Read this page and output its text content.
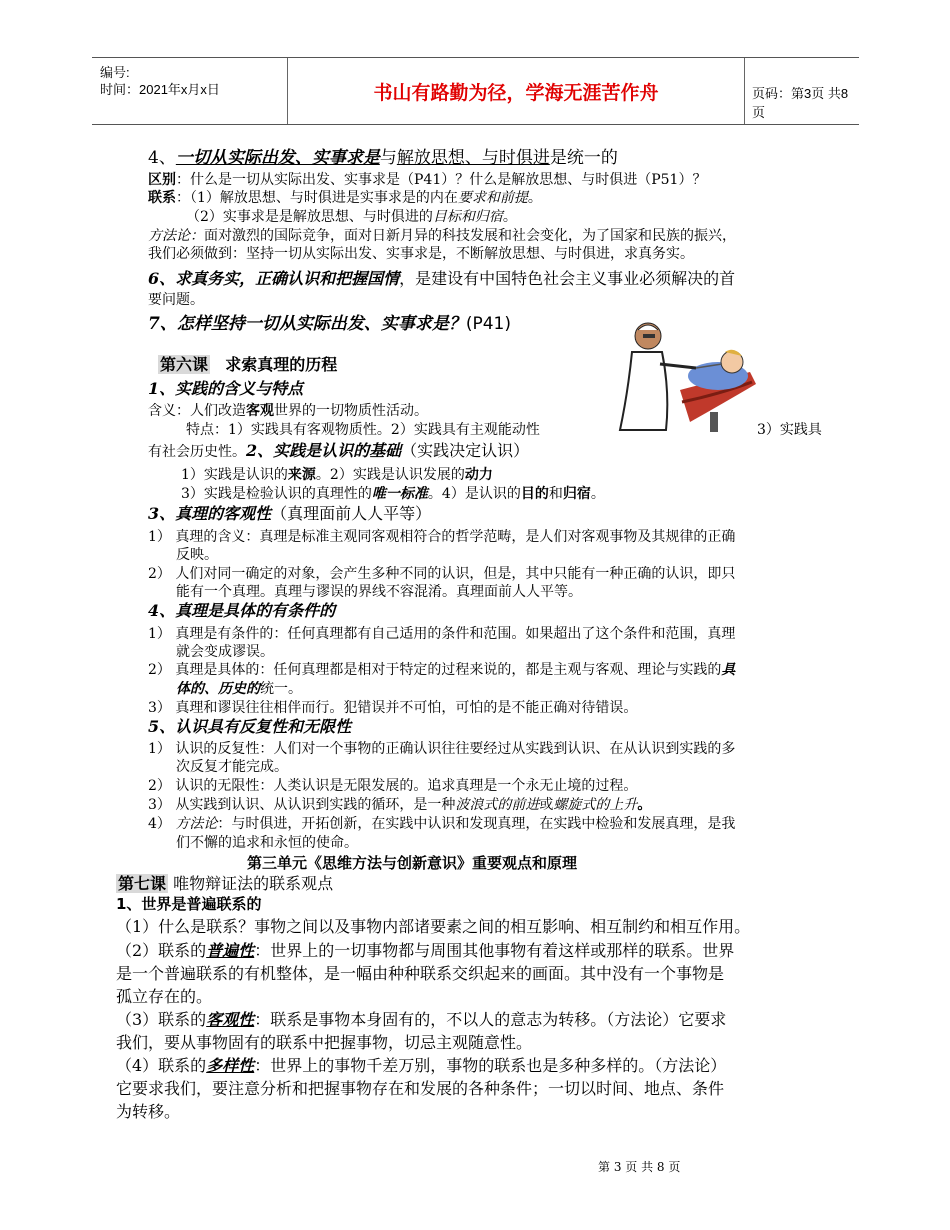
编号:
时间：2021年x月x日	书山有路勤为径，学海无涯苦作舟	页码：第3页 共8页
4、一切从实际出发、实事求是与解放思想、与时俱进是统一的
区别：什么是一切从实际出发、实事求是（P41）？什么是解放思想、与时俱进（P51）？
联系：（1）解放思想、与时俱进是实事求是的内在要求和前提。
（2）实事求是是解放思想、与时俱进的目标和归宿。
方法论：面对激烈的国际竞争，面对日新月异的科技发展和社会变化，为了国家和民族的振兴，
我们必须做到：坚持一切从实际出发、实事求是，不断解放思想、与时俱进，求真务实。
6、求真务实，正确认识和把握国情，是建设有中国特色社会主义事业必须解决的首
要问题。
7、怎样坚持一切从实际出发、实事求是？(P41)
第六课 求索真理的历程
1、实践的含义与特点
含义：人们改造客观世界的一切物质性活动。
特点：1）实践具有客观物质性。2）实践具有主观能动性	3）实践具
有社会历史性。2、实践是认识的基础（实践决定认识）
1）实践是认识的来源。2）实践是认识发展的动力
3）实践是检验认识的真理性的唯一标准。4）是认识的目的和归宿。
3、真理的客观性（真理面前人人平等）
1） 真理的含义：真理是标准主观同客观相符合的哲学范畴，是人们对客观事物及其规律的正确
反映。
2） 人们对同一确定的对象，会产生多种不同的认识，但是，其中只能有一种正确的认识，即只
能有一个真理。真理与谬误的界线不容混淆。真理面前人人平等。
4、真理是具体的有条件的
1） 真理是有条件的：任何真理都有自己适用的条件和范围。如果超出了这个条件和范围，真理
就会变成谬误。
2） 真理是具体的：任何真理都是相对于特定的过程来说的，都是主观与客观、理论与实践的具
体的、历史的统一。
3） 真理和谬误往往相伴而行。犯错误并不可怕，可怕的是不能正确对待错误。
5、认识具有反复性和无限性
1） 认识的反复性：人们对一个事物的正确认识往往要经过从实践到认识、在从认识到实践的多
次反复才能完成。
2） 认识的无限性：人类认识是无限发展的。追求真理是一个永无止境的过程。
3） 从实践到认识、从认识到实践的循环，是一种波浪式的前进或螺旋式的上升。
4） 方法论：与时俱进，开拓创新，在实践中认识和发现真理，在实践中检验和发展真理，是我
们不懈的追求和永恒的使命。
第三单元《思维方法与创新意识》重要观点和原理
第七课 唯物辩证法的联系观点
1、世界是普遍联系的
（1）什么是联系？事物之间以及事物内部诸要素之间的相互影响、相互制约和相互作用。
（2）联系的普遍性：世界上的一切事物都与周围其他事物有着这样或那样的联系。世界
是一个普遍联系的有机整体，是一幅由种种联系交织起来的画面。其中没有一个事物是
孤立存在的。
（3）联系的客观性：联系是事物本身固有的，不以人的意志为转移。（方法论）它要求
我们，要从事物固有的联系中把握事物，切忌主观随意性。
（4）联系的多样性：世界上的事物千差万别，事物的联系也是多种多样的。（方法论）
它要求我们，要注意分析和把握事物存在和发展的各种条件；一切以时间、地点、条件
为转移。
第 3 页 共 8 页
